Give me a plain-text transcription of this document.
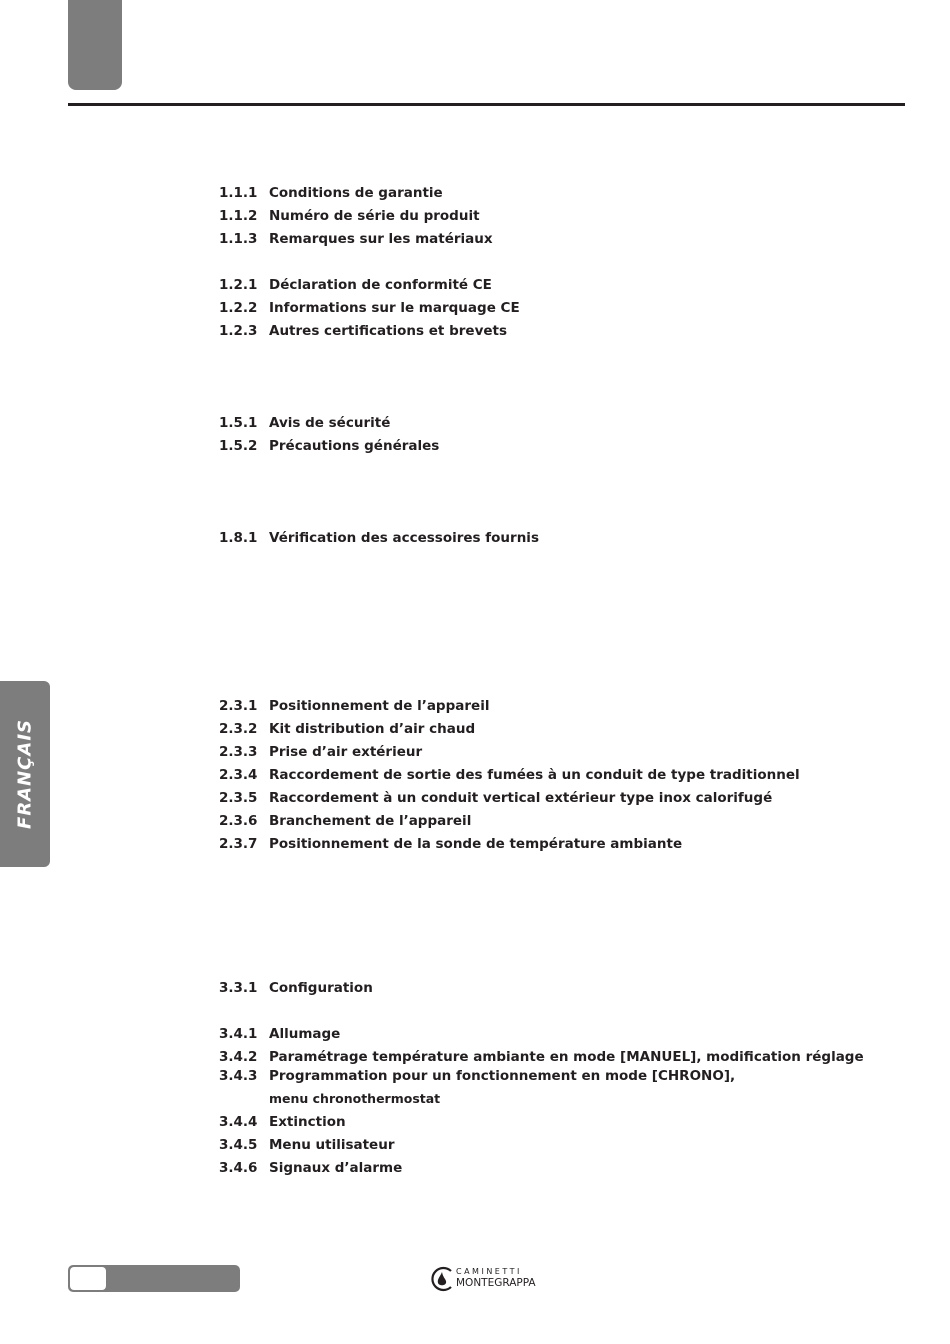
FRANÇAIS
1.1.1 Conditions de garantie
1.1.2 Numéro de série du produit
1.1.3 Remarques sur les matériaux
1.2.1 Déclaration de conformité CE
1.2.2 Informations sur le marquage CE
1.2.3 Autres certifications et brevets
1.5.1 Avis de sécurité
1.5.2 Précautions générales
1.8.1 Vérification des accessoires fournis
2.3.1 Positionnement de l’appareil
2.3.2 Kit distribution d’air chaud
2.3.3 Prise d’air extérieur
2.3.4 Raccordement de sortie des fumées à un conduit de type traditionnel
2.3.5 Raccordement à un conduit vertical extérieur type inox calorifugé
2.3.6 Branchement de l’appareil
2.3.7 Positionnement de la sonde de température ambiante
3.3.1 Configuration
3.4.1 Allumage
3.4.2 Paramétrage température ambiante en mode [MANUEL], modification réglage
3.4.3 Programmation pour un fonctionnement en mode [CHRONO],
menu chronothermostat
3.4.4 Extinction
3.4.5 Menu utilisateur
3.4.6 Signaux d’alarme
CAMINETTI
MONTEGRAPPA
